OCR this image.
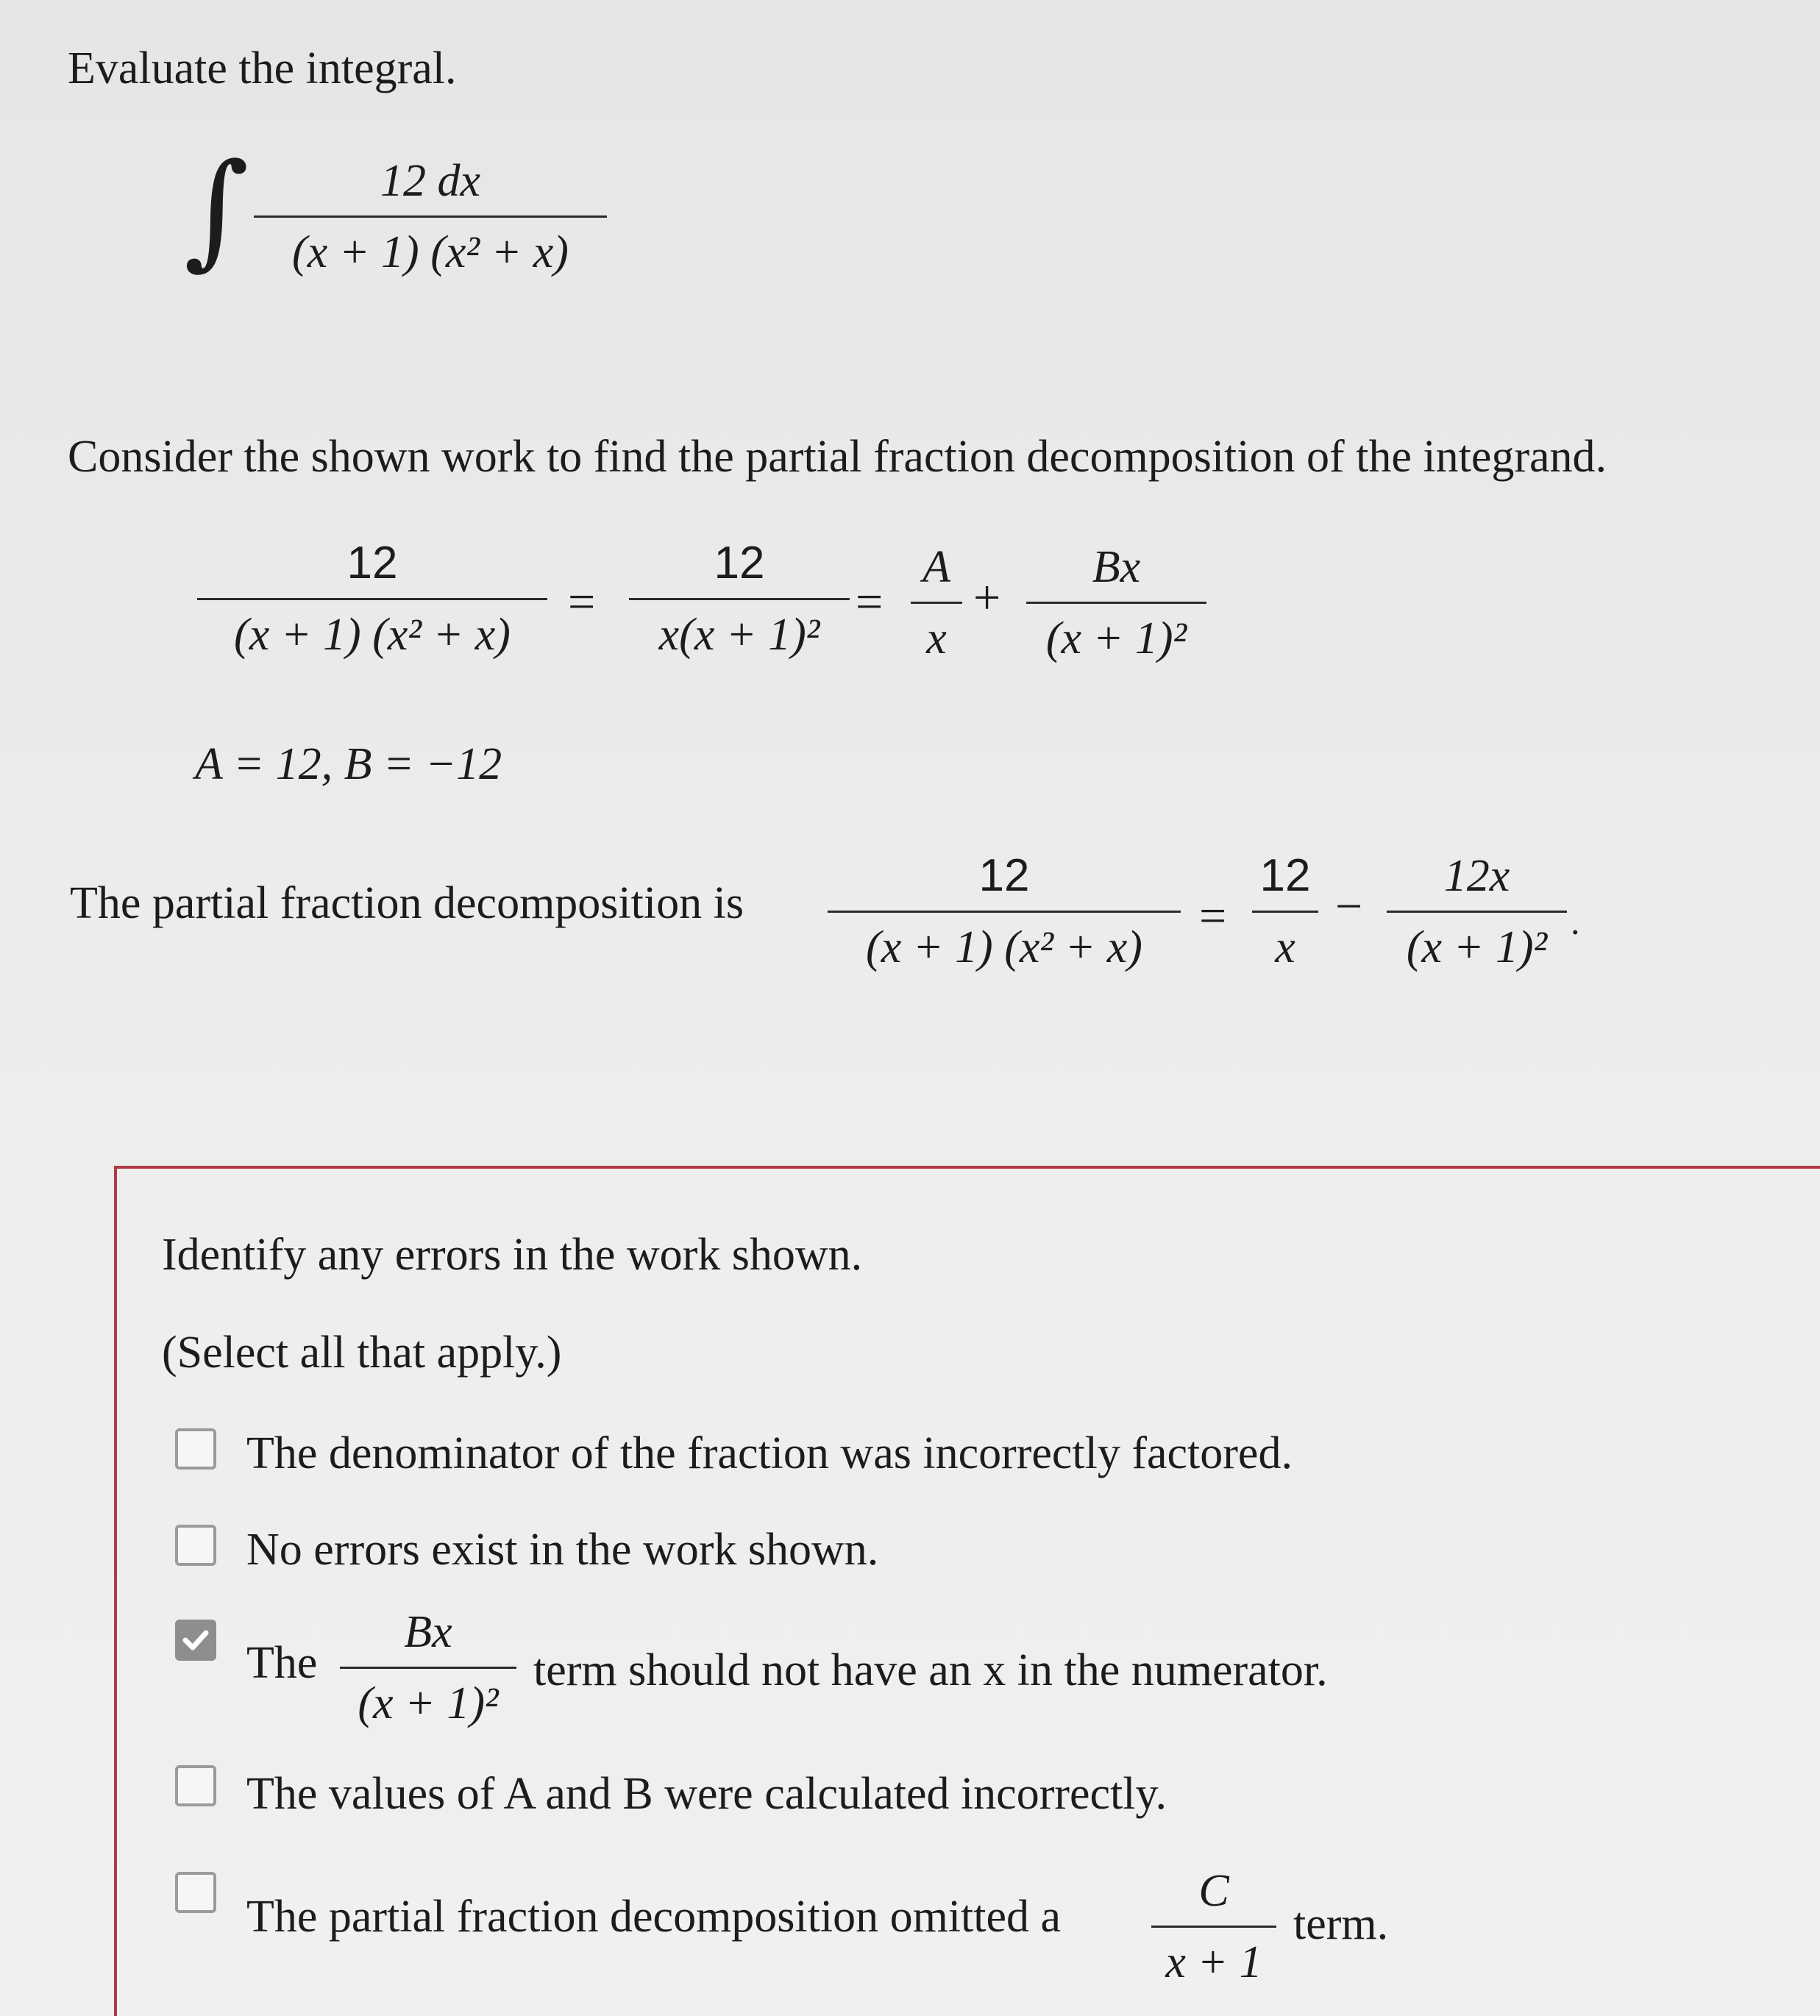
Evaluate the integral.
∫	12 dx
(x + 1) (x² + x)
Consider the shown work to find the partial fraction decomposition of the integrand.
12
(x + 1) (x² + x)
=
12
x(x + 1)²
=
A
x
+
Bx
(x + 1)²
A = 12, B = −12
The partial fraction decomposition is
12
(x + 1) (x² + x)
=
12
x
−
12x
(x + 1)²
.
Identify any errors in the work shown.
(Select all that apply.)
The denominator of the fraction was incorrectly factored.
No errors exist in the work shown.
The
Bx
(x + 1)²
term should not have an x in the numerator.
The values of A and B were calculated incorrectly.
The partial fraction decomposition omitted a
C
x + 1
term.
